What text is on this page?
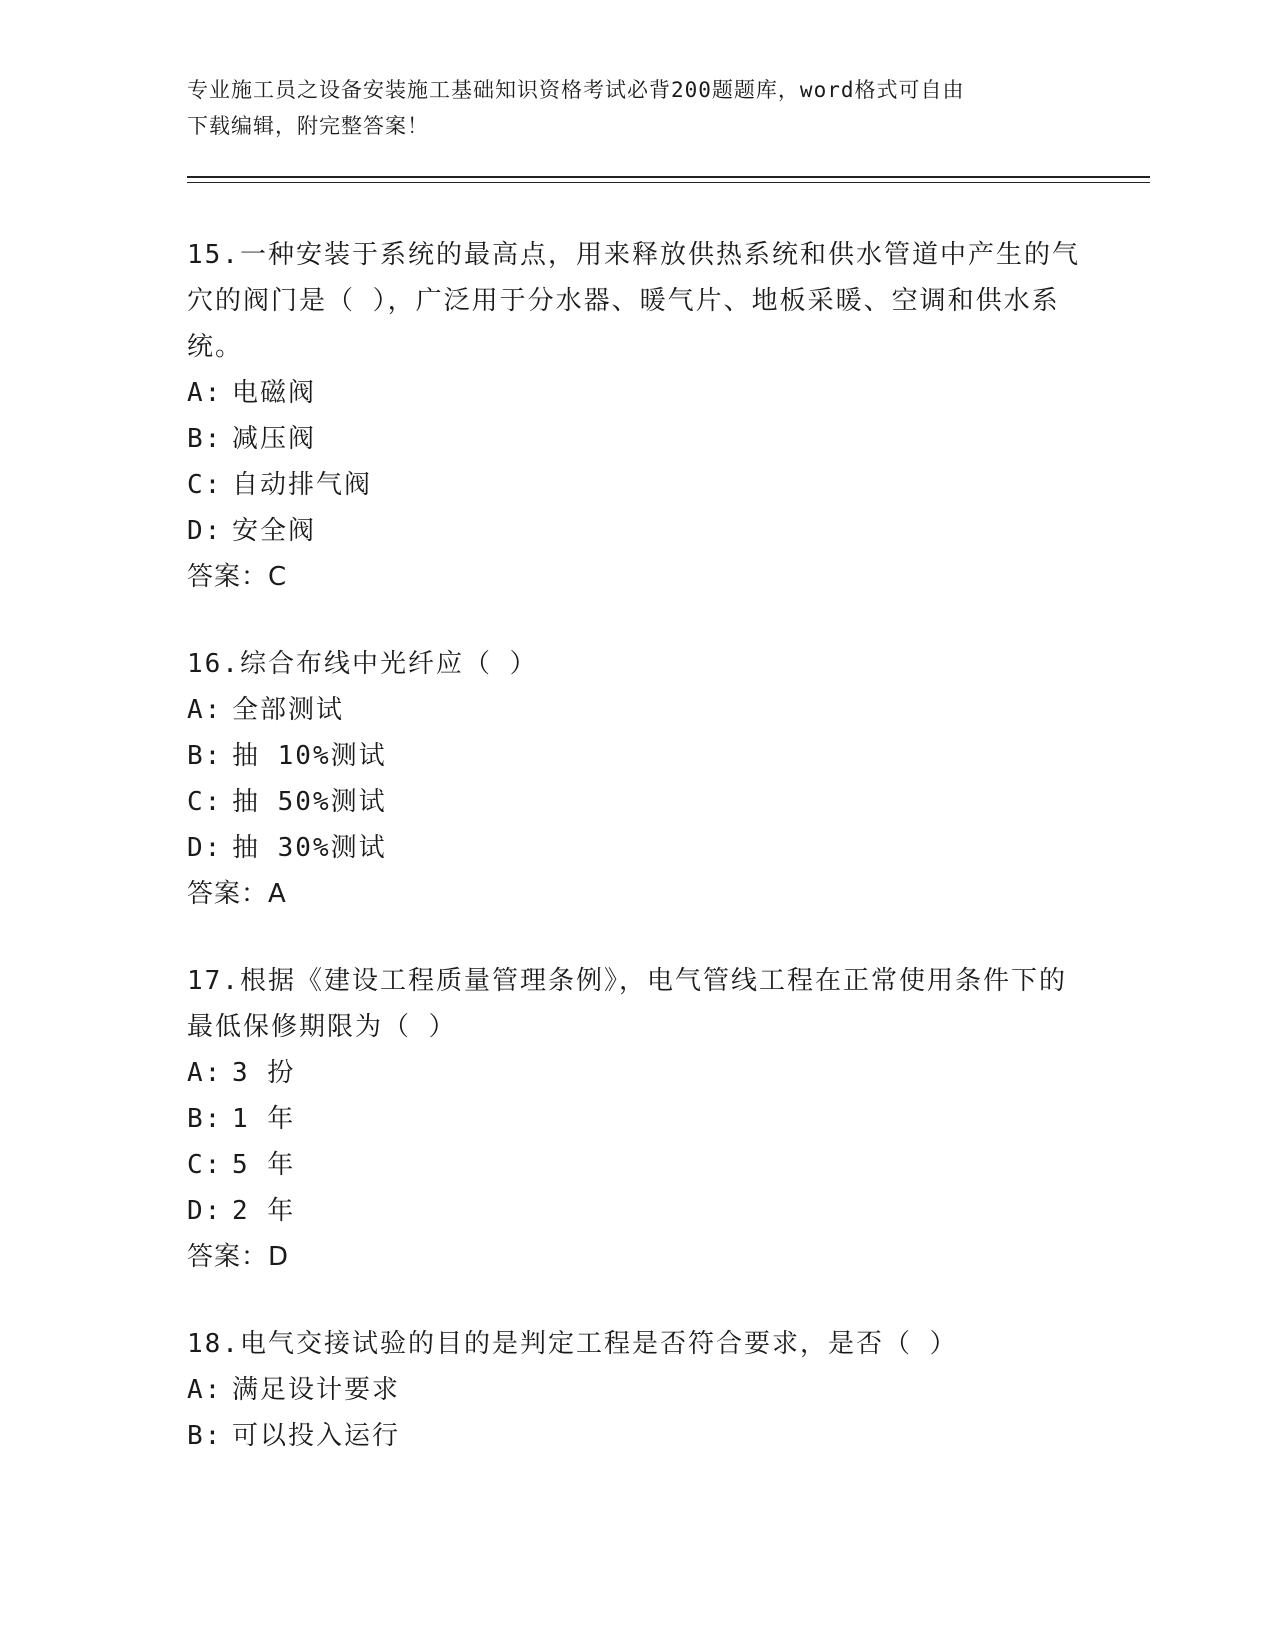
专业施工员之设备安装施工基础知识资格考试必背200题题库，word格式可自由
下载编辑，附完整答案！

15.一种安装于系统的最高点，用来释放供热系统和供水管道中产生的气穴的阀门是（ ），广泛用于分水器、暖气片、地板采暖、空调和供水系统。

A: 电磁阀

B: 减压阀

C: 自动排气阀

D: 安全阀

答案：C

16.综合布线中光纤应（ ）

A: 全部测试

B: 抽 10%测试

C: 抽 50%测试

D: 抽 30%测试

答案：A

17.根据《建设工程质量管理条例》，电气管线工程在正常使用条件下的最低保修期限为（ ）

A: 3 扮

B: 1 年

C: 5 年

D: 2 年

答案：D

18.电气交接试验的目的是判定工程是否符合要求，是否（ ）

A: 满足设计要求

B: 可以投入运行
